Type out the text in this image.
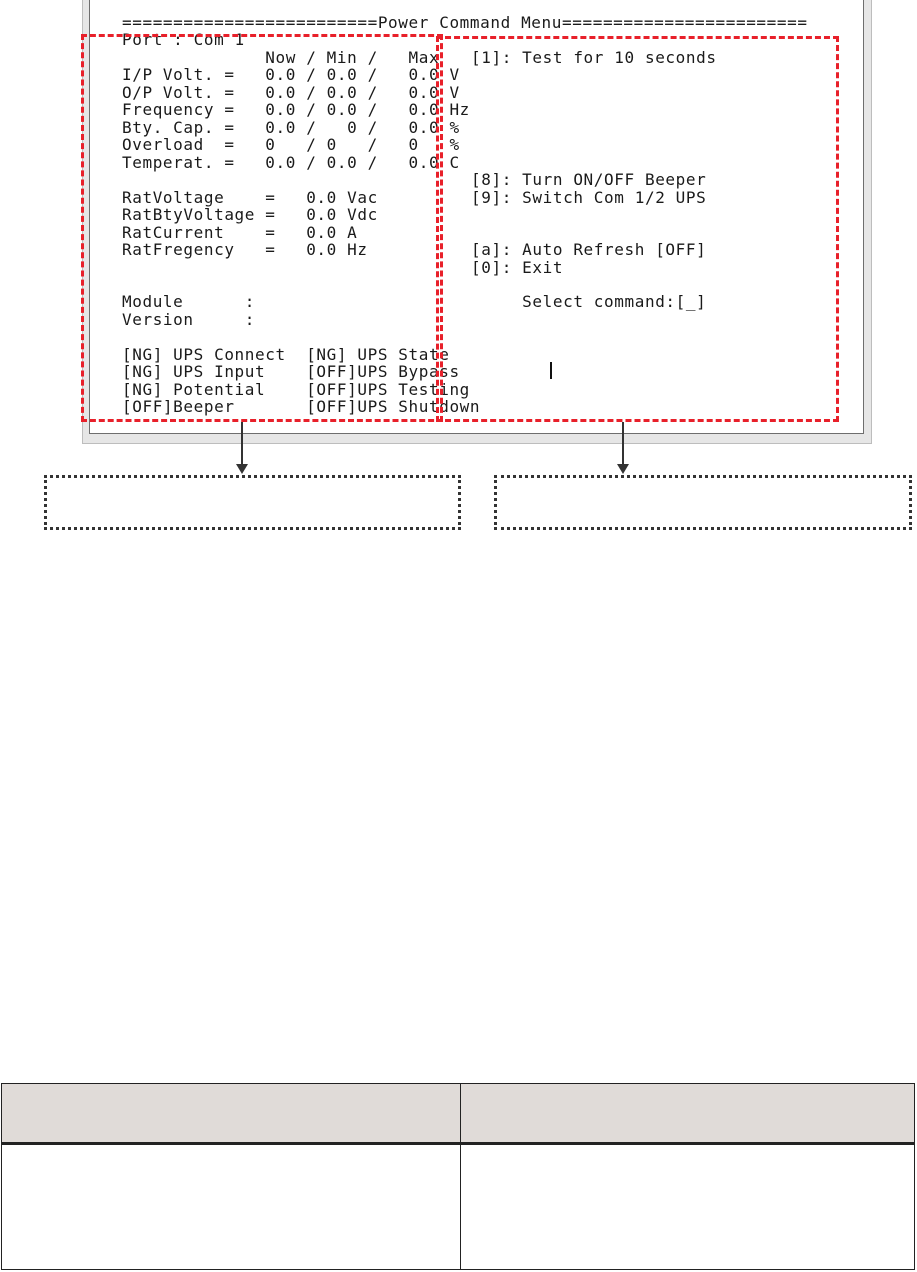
=========================Power Command Menu========================
Port : Com 1
Now / Min /   Max
I/P Volt. =   0.0 / 0.0 /   0.0 V
O/P Volt. =   0.0 / 0.0 /   0.0 V
Frequency =   0.0 / 0.0 /   0.0 Hz
Bty. Cap. =   0.0 /   0 /   0.0 %
Overload  =   0   / 0   /   0   %
Temperat. =   0.0 / 0.0 /   0.0 C
RatVoltage    =   0.0 Vac
RatBtyVoltage =   0.0 Vdc
RatCurrent    =   0.0 A
RatFregency   =   0.0 Hz
Module      :
Version     :
[NG] UPS Connect  [NG] UPS State
[NG] UPS Input    [OFF]UPS Bypass
[NG] Potential    [OFF]UPS Testing
[OFF]Beeper       [OFF]UPS Shutdown
[1]: Test for 10 seconds
[8]: Turn ON/OFF Beeper
[9]: Switch Com 1/2 UPS
[a]: Auto Refresh [OFF]
[0]: Exit
Select command:[_]
